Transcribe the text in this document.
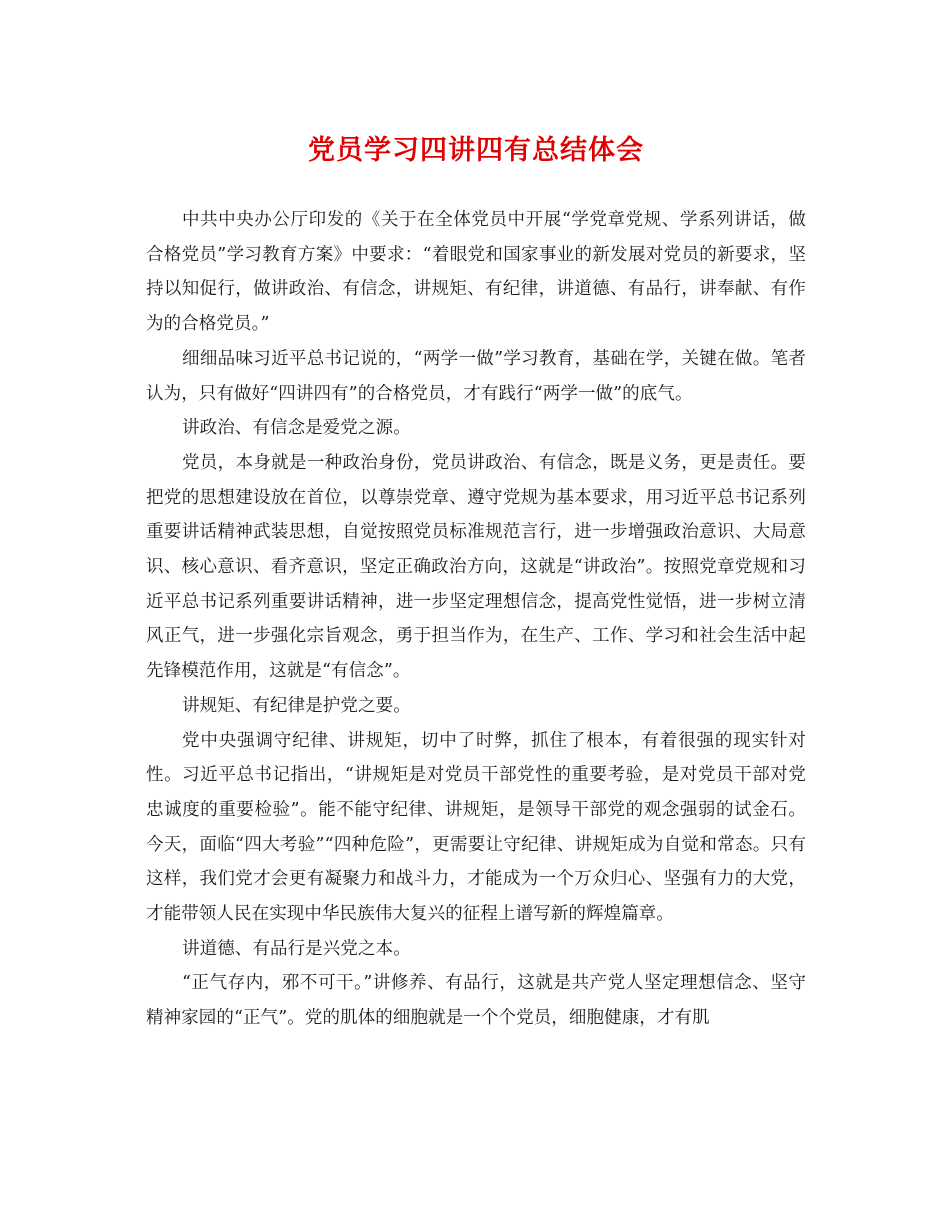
党员学习四讲四有总结体会

中共中央办公厅印发的《关于在全体党员中开展“学党章党规、学系列讲话，做合格党员”学习教育方案》中要求：“着眼党和国家事业的新发展对党员的新要求，坚持以知促行，做讲政治、有信念，讲规矩、有纪律，讲道德、有品行，讲奉献、有作为的合格党员。”

细细品味习近平总书记说的，“两学一做”学习教育，基础在学，关键在做。笔者认为，只有做好“四讲四有”的合格党员，才有践行“两学一做”的底气。

讲政治、有信念是爱党之源。

党员，本身就是一种政治身份，党员讲政治、有信念，既是义务，更是责任。要把党的思想建设放在首位，以尊崇党章、遵守党规为基本要求，用习近平总书记系列重要讲话精神武装思想，自觉按照党员标准规范言行，进一步增强政治意识、大局意识、核心意识、看齐意识，坚定正确政治方向，这就是“讲政治”。按照党章党规和习近平总书记系列重要讲话精神，进一步坚定理想信念，提高党性觉悟，进一步树立清风正气，进一步强化宗旨观念，勇于担当作为，在生产、工作、学习和社会生活中起先锋模范作用，这就是“有信念”。

讲规矩、有纪律是护党之要。

党中央强调守纪律、讲规矩，切中了时弊，抓住了根本，有着很强的现实针对性。习近平总书记指出，“讲规矩是对党员干部党性的重要考验，是对党员干部对党忠诚度的重要检验”。能不能守纪律、讲规矩，是领导干部党的观念强弱的试金石。今天，面临“四大考验”“四种危险”，更需要让守纪律、讲规矩成为自觉和常态。只有这样，我们党才会更有凝聚力和战斗力，才能成为一个万众归心、坚强有力的大党，才能带领人民在实现中华民族伟大复兴的征程上谱写新的辉煌篇章。

讲道德、有品行是兴党之本。

“正气存内，邪不可干。”讲修养、有品行，这就是共产党人坚定理想信念、坚守精神家园的“正气”。党的肌体的细胞就是一个个党员，细胞健康，才有肌
